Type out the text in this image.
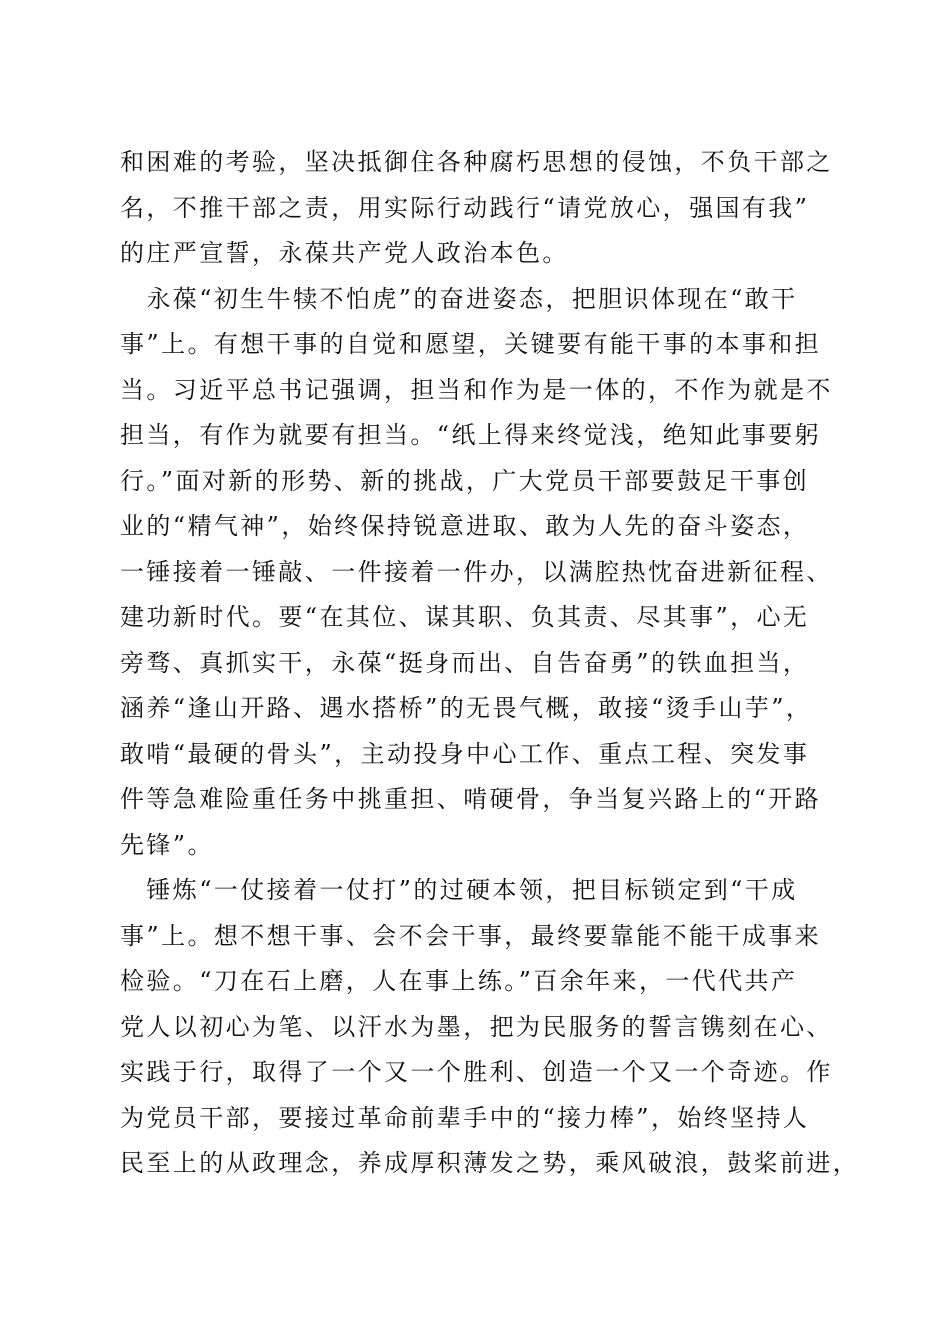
和困难的考验，坚决抵御住各种腐朽思想的侵蚀，不负干部之
名，不推干部之责，用实际行动践行“请党放心，强国有我”
的庄严宣誓，永葆共产党人政治本色。
　永葆“初生牛犊不怕虎”的奋进姿态，把胆识体现在“敢干
事”上。有想干事的自觉和愿望，关键要有能干事的本事和担
当。习近平总书记强调，担当和作为是一体的，不作为就是不
担当，有作为就要有担当。“纸上得来终觉浅，绝知此事要躬
行。”面对新的形势、新的挑战，广大党员干部要鼓足干事创
业的“精气神”，始终保持锐意进取、敢为人先的奋斗姿态，
一锤接着一锤敲、一件接着一件办，以满腔热忱奋进新征程、
建功新时代。要“在其位、谋其职、负其责、尽其事”，心无
旁骛、真抓实干，永葆“挺身而出、自告奋勇”的铁血担当，
涵养“逢山开路、遇水搭桥”的无畏气概，敢接“烫手山芋”，
敢啃“最硬的骨头”，主动投身中心工作、重点工程、突发事
件等急难险重任务中挑重担、啃硬骨，争当复兴路上的“开路
先锋”。
　锤炼“一仗接着一仗打”的过硬本领，把目标锁定到“干成
事”上。想不想干事、会不会干事，最终要靠能不能干成事来
检验。“刀在石上磨，人在事上练。”百余年来，一代代共产
党人以初心为笔、以汗水为墨，把为民服务的誓言镌刻在心、
实践于行，取得了一个又一个胜利、创造一个又一个奇迹。作
为党员干部，要接过革命前辈手中的“接力棒”，始终坚持人
民至上的从政理念，养成厚积薄发之势，乘风破浪，鼓桨前进，
